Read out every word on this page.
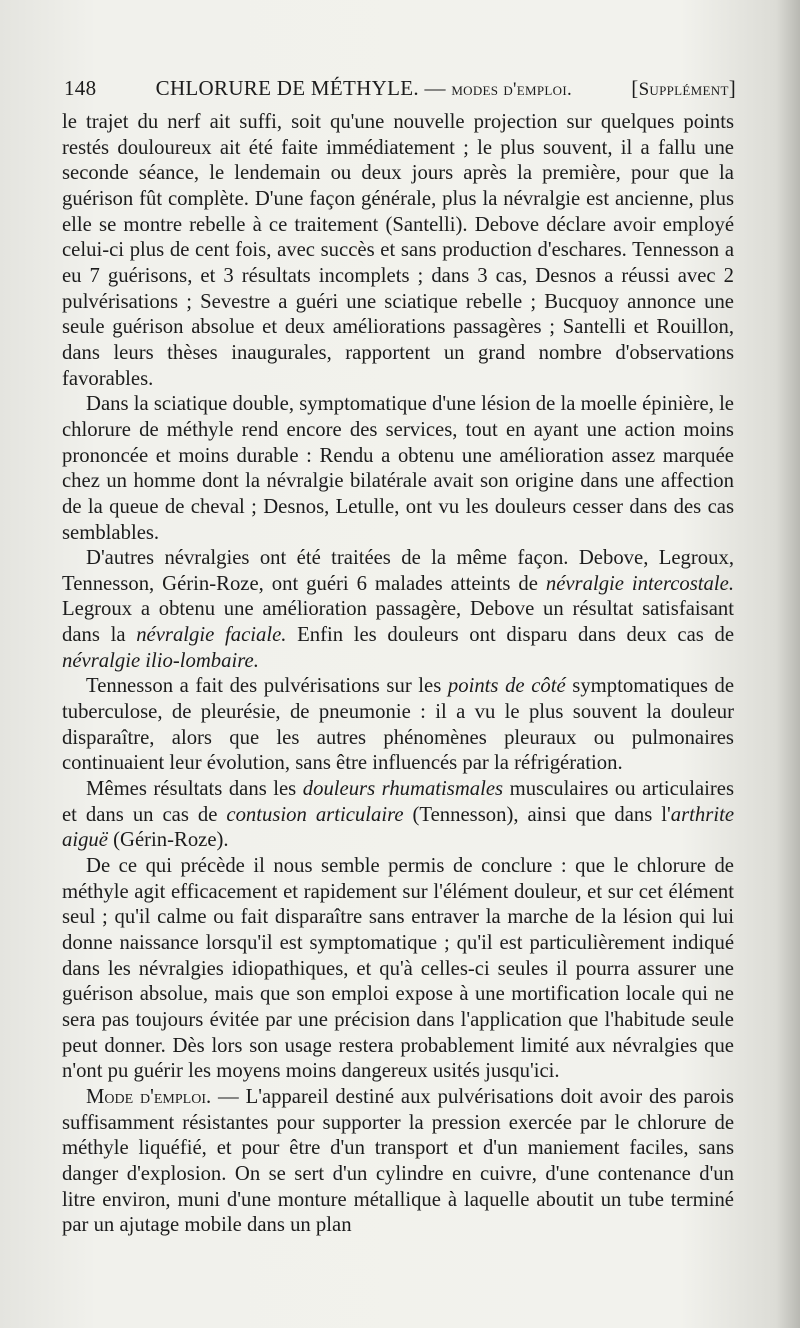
148	CHLORURE DE MÉTHYLE. — modes d'emploi.	[Supplément]

le trajet du nerf ait suffi, soit qu'une nouvelle projection sur quelques points restés douloureux ait été faite immédiatement ; le plus souvent, il a fallu une seconde séance, le lendemain ou deux jours après la première, pour que la guérison fût complète. D'une façon générale, plus la névralgie est ancienne, plus elle se montre rebelle à ce traitement (Santelli). Debove déclare avoir employé celui-ci plus de cent fois, avec succès et sans production d'eschares. Tennesson a eu 7 guérisons, et 3 résultats incomplets ; dans 3 cas, Desnos a réussi avec 2 pulvérisations ; Sevestre a guéri une sciatique rebelle ; Bucquoy annonce une seule guérison absolue et deux améliorations passagères ; Santelli et Rouillon, dans leurs thèses inaugurales, rapportent un grand nombre d'observations favorables.

Dans la sciatique double, symptomatique d'une lésion de la moelle épinière, le chlorure de méthyle rend encore des services, tout en ayant une action moins prononcée et moins durable : Rendu a obtenu une amélioration assez marquée chez un homme dont la névralgie bilatérale avait son origine dans une affection de la queue de cheval ; Desnos, Letulle, ont vu les douleurs cesser dans des cas semblables.

D'autres névralgies ont été traitées de la même façon. Debove, Legroux, Tennesson, Gérin-Roze, ont guéri 6 malades atteints de névralgie intercostale. Legroux a obtenu une amélioration passagère, Debove un résultat satisfaisant dans la névralgie faciale. Enfin les douleurs ont disparu dans deux cas de névralgie ilio-lombaire.

Tennesson a fait des pulvérisations sur les points de côté symptomatiques de tuberculose, de pleurésie, de pneumonie : il a vu le plus souvent la douleur disparaître, alors que les autres phénomènes pleuraux ou pulmonaires continuaient leur évolution, sans être influencés par la réfrigération.

Mêmes résultats dans les douleurs rhumatismales musculaires ou articulaires et dans un cas de contusion articulaire (Tennesson), ainsi que dans l'arthrite aiguë (Gérin-Roze).

De ce qui précède il nous semble permis de conclure : que le chlorure de méthyle agit efficacement et rapidement sur l'élément douleur, et sur cet élément seul ; qu'il calme ou fait disparaître sans entraver la marche de la lésion qui lui donne naissance lorsqu'il est symptomatique ; qu'il est particulièrement indiqué dans les névralgies idiopathiques, et qu'à celles-ci seules il pourra assurer une guérison absolue, mais que son emploi expose à une mortification locale qui ne sera pas toujours évitée par une précision dans l'application que l'habitude seule peut donner. Dès lors son usage restera probablement limité aux névralgies que n'ont pu guérir les moyens moins dangereux usités jusqu'ici.

Mode d'emploi. — L'appareil destiné aux pulvérisations doit avoir des parois suffisamment résistantes pour supporter la pression exercée par le chlorure de méthyle liquéfié, et pour être d'un transport et d'un maniement faciles, sans danger d'explosion. On se sert d'un cylindre en cuivre, d'une contenance d'un litre environ, muni d'une monture métallique à laquelle aboutit un tube terminé par un ajutage mobile dans un plan
